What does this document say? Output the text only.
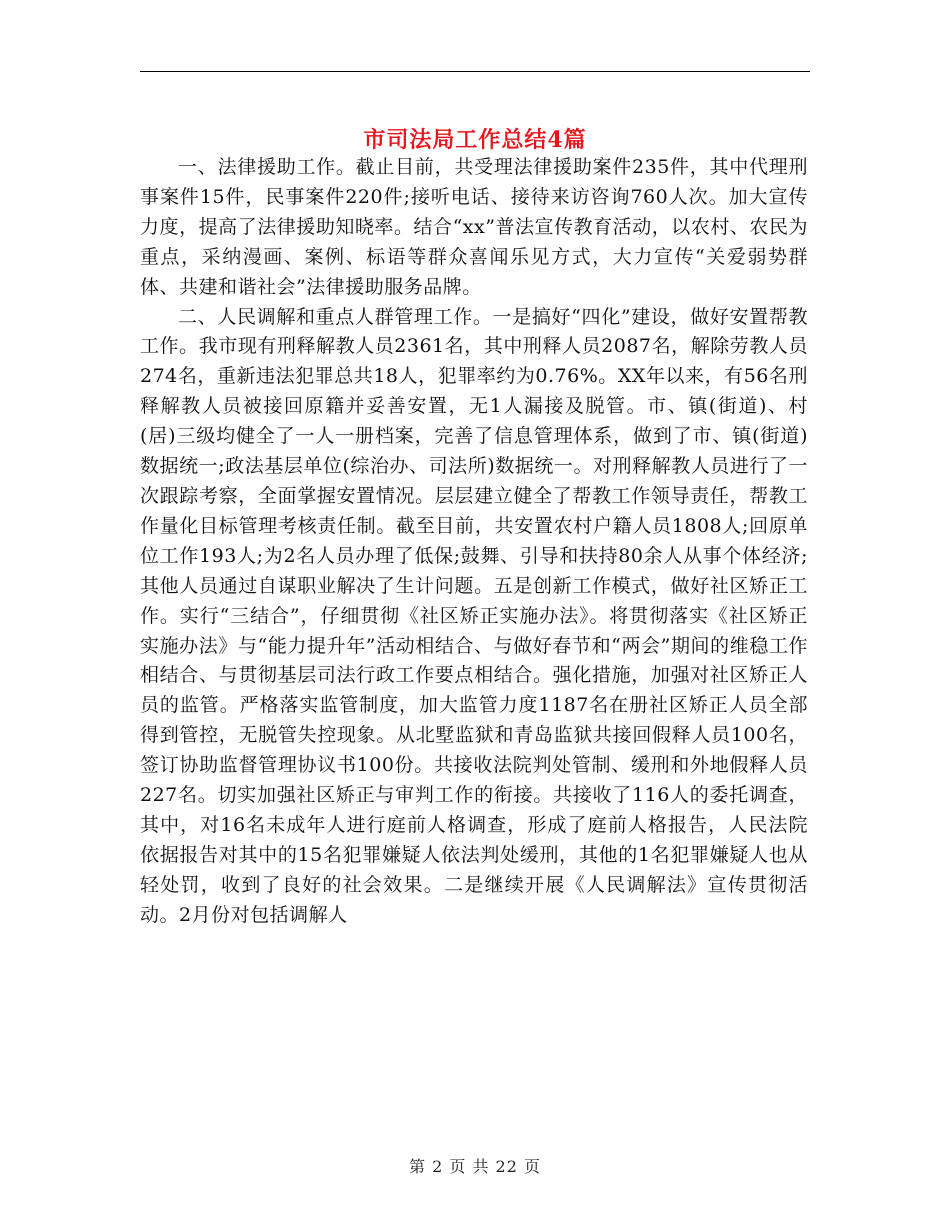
市司法局工作总结4篇

一、法律援助工作。截止目前，共受理法律援助案件235件，其中代理刑事案件15件，民事案件220件;接听电话、接待来访咨询760人次。加大宣传力度，提高了法律援助知晓率。结合“xx”普法宣传教育活动，以农村、农民为重点，采纳漫画、案例、标语等群众喜闻乐见方式，大力宣传“关爱弱势群体、共建和谐社会”法律援助服务品牌。

二、人民调解和重点人群管理工作。一是搞好“四化”建设，做好安置帮教工作。我市现有刑释解教人员2361名，其中刑释人员2087名，解除劳教人员274名，重新违法犯罪总共18人，犯罪率约为0.76%。XX年以来，有56名刑释解教人员被接回原籍并妥善安置，无1人漏接及脱管。市、镇(街道)、村(居)三级均健全了一人一册档案，完善了信息管理体系，做到了市、镇(街道)数据统一;政法基层单位(综治办、司法所)数据统一。对刑释解教人员进行了一次跟踪考察，全面掌握安置情况。层层建立健全了帮教工作领导责任，帮教工作量化目标管理考核责任制。截至目前，共安置农村户籍人员1808人;回原单位工作193人;为2名人员办理了低保;鼓舞、引导和扶持80余人从事个体经济;其他人员通过自谋职业解决了生计问题。五是创新工作模式，做好社区矫正工作。实行“三结合”，仔细贯彻《社区矫正实施办法》。将贯彻落实《社区矫正实施办法》与“能力提升年”活动相结合、与做好春节和“两会”期间的维稳工作相结合、与贯彻基层司法行政工作要点相结合。强化措施，加强对社区矫正人员的监管。严格落实监管制度，加大监管力度1187名在册社区矫正人员全部得到管控，无脱管失控现象。从北墅监狱和青岛监狱共接回假释人员100名，签订协助监督管理协议书100份。共接收法院判处管制、缓刑和外地假释人员227名。切实加强社区矫正与审判工作的衔接。共接收了116人的委托调查，其中，对16名未成年人进行庭前人格调查，形成了庭前人格报告，人民法院依据报告对其中的15名犯罪嫌疑人依法判处缓刑，其他的1名犯罪嫌疑人也从轻处罚，收到了良好的社会效果。二是继续开展《人民调解法》宣传贯彻活动。2月份对包括调解人

第 2 页 共 22 页
